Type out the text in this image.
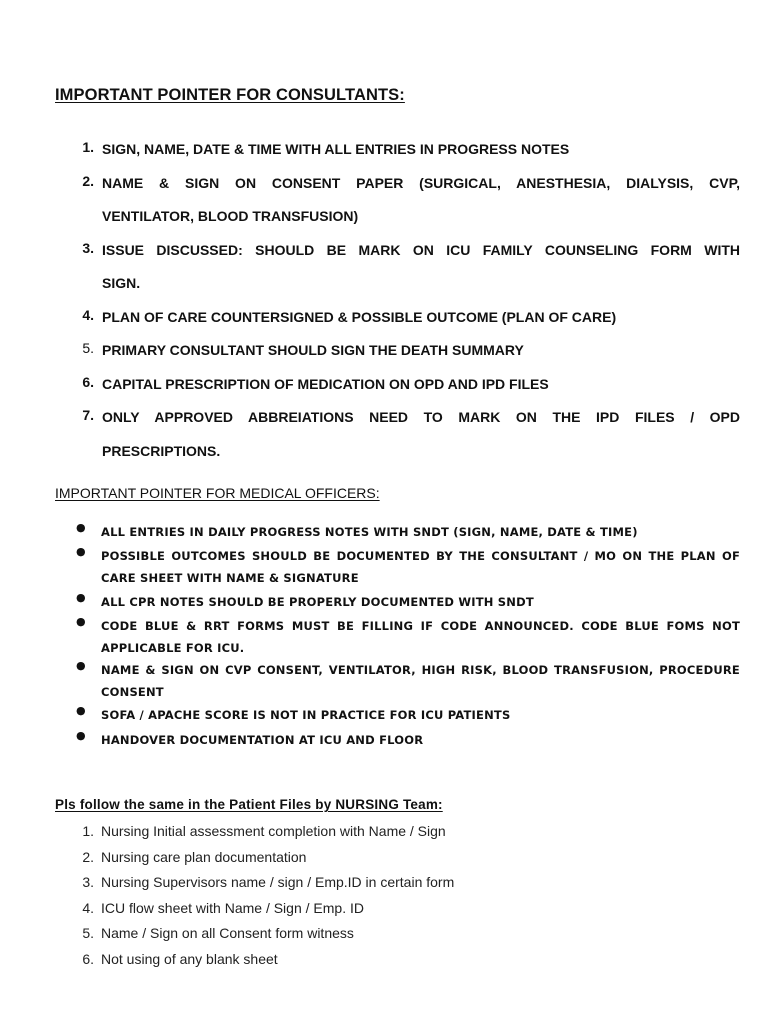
IMPORTANT POINTER FOR CONSULTANTS:
1. SIGN, NAME, DATE & TIME WITH ALL ENTRIES IN PROGRESS NOTES
2. NAME & SIGN ON CONSENT PAPER (SURGICAL, ANESTHESIA, DIALYSIS, CVP,
VENTILATOR, BLOOD TRANSFUSION)
3. ISSUE DISCUSSED: SHOULD BE MARK ON ICU FAMILY COUNSELING FORM WITH
SIGN.
4. PLAN OF CARE COUNTERSIGNED & POSSIBLE OUTCOME (PLAN OF CARE)
5. PRIMARY CONSULTANT SHOULD SIGN THE DEATH SUMMARY
6. CAPITAL PRESCRIPTION OF MEDICATION ON OPD AND IPD FILES
7. ONLY APPROVED ABBREIATIONS NEED TO MARK ON THE IPD FILES / OPD
PRESCRIPTIONS.
IMPORTANT POINTER FOR MEDICAL OFFICERS:
● ALL ENTRIES IN DAILY PROGRESS NOTES WITH SNDT (SIGN, NAME, DATE & TIME)
● POSSIBLE OUTCOMES SHOULD BE DOCUMENTED BY THE CONSULTANT / MO ON THE PLAN OF
CARE SHEET WITH NAME & SIGNATURE
● ALL CPR NOTES SHOULD BE PROPERLY DOCUMENTED WITH SNDT
● CODE BLUE & RRT FORMS MUST BE FILLING IF CODE ANNOUNCED. CODE BLUE FOMS NOT
APPLICABLE FOR ICU.
● NAME & SIGN ON CVP CONSENT, VENTILATOR, HIGH RISK, BLOOD TRANSFUSION, PROCEDURE
CONSENT
● SOFA / APACHE SCORE IS NOT IN PRACTICE FOR ICU PATIENTS
● HANDOVER DOCUMENTATION AT ICU AND FLOOR
Pls follow the same in the Patient Files by NURSING Team:
1. Nursing Initial assessment completion with Name / Sign
2. Nursing care plan documentation
3. Nursing Supervisors name / sign / Emp.ID in certain form
4. ICU flow sheet with Name / Sign / Emp. ID
5. Name / Sign on all Consent form witness
6. Not using of any blank sheet
